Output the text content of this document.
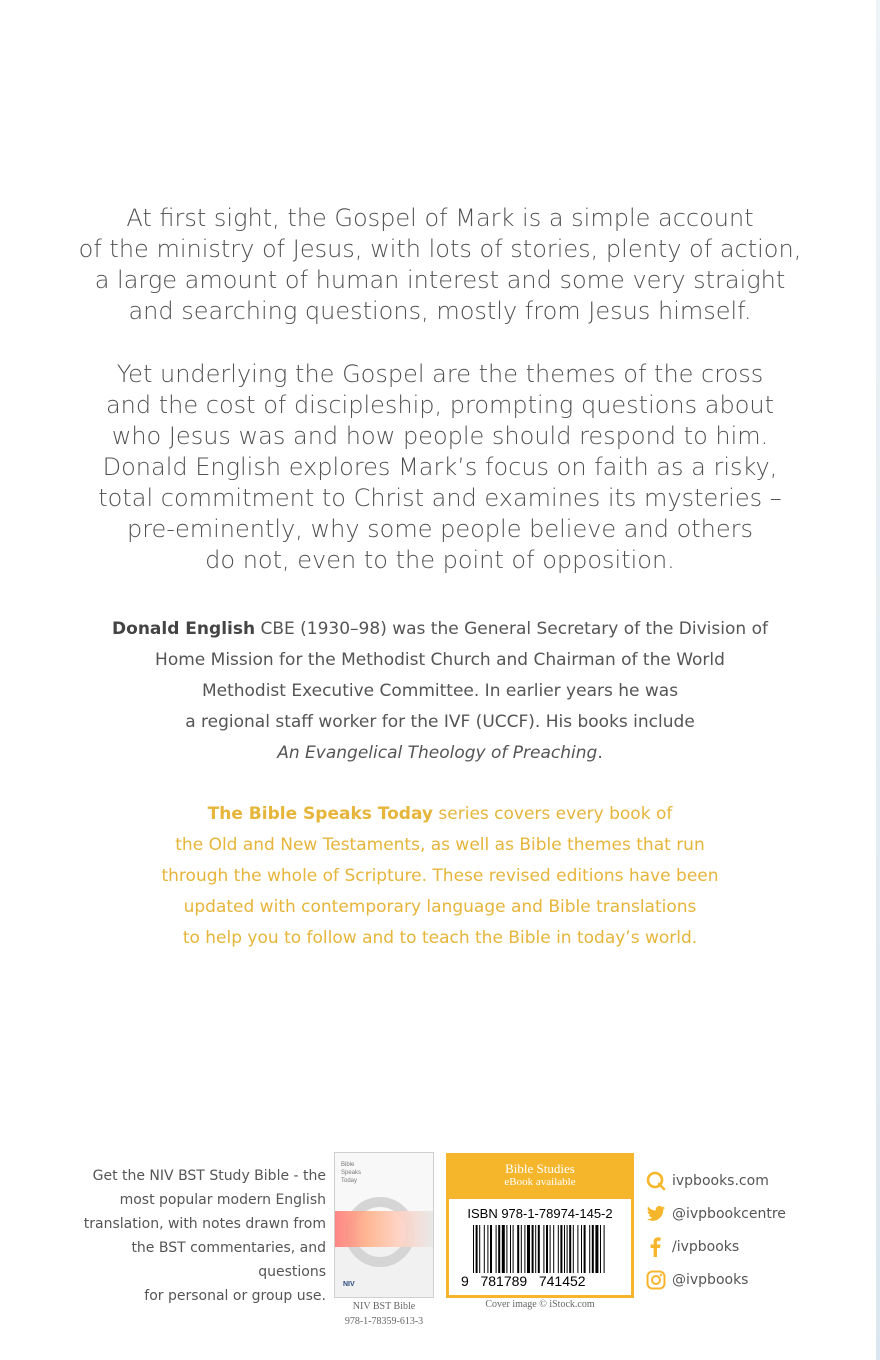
At first sight, the Gospel of Mark is a simple account

of the ministry of Jesus, with lots of stories, plenty of action,

a large amount of human interest and some very straight

and searching questions, mostly from Jesus himself.

Yet underlying the Gospel are the themes of the cross

and the cost of discipleship, prompting questions about

who Jesus was and how people should respond to him.

Donald English explores Mark’s focus on faith as a risky,

total commitment to Christ and examines its mysteries –

pre-eminently, why some people believe and others

do not, even to the point of opposition.

Donald English CBE (1930–98) was the General Secretary of the Division of
Home Mission for the Methodist Church and Chairman of the World
Methodist Executive Committee. In earlier years he was
a regional staff worker for the IVF (UCCF). His books include
An Evangelical Theology of Preaching.
The Bible Speaks Today series covers every book of
the Old and New Testaments, as well as Bible themes that run
through the whole of Scripture. These revised editions have been
updated with contemporary language and Bible translations
to help you to follow and to teach the Bible in today’s world.
Get the NIV BST Study Bible - the
most popular modern English
translation, with notes drawn from
the BST commentaries, and questions
for personal or group use.
Bible
Speaks
Today
NIV
NIV BST Bible
978-1-78359-613-3
Bible Studies
eBook available
ISBN 978-1-78974-145-2
9   781789   741452
Cover image © iStock.com
ivpbooks.com
@ivpbookcentre
/ivpbooks
@ivpbooks
